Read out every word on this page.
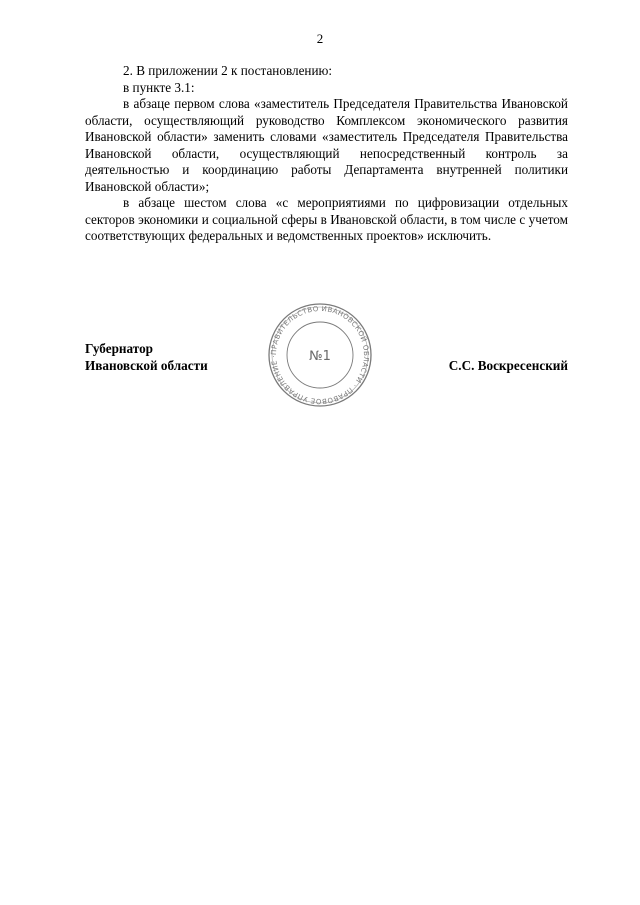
2

2. В приложении 2 к постановлению:

в пункте 3.1:

в абзаце первом слова «заместитель Председателя Правительства Ивановской области, осуществляющий руководство Комплексом экономического развития Ивановской области» заменить словами «заместитель Председателя Правительства Ивановской области, осуществляющий непосредственный контроль за деятельностью и координацию работы Департамента внутренней политики Ивановской области»;

в абзаце шестом слова «с мероприятиями по цифровизации отдельных секторов экономики и социальной сферы в Ивановской области, в том числе с учетом соответствующих федеральных и ведомственных проектов» исключить.

Губернатор
Ивановской области	С.С. Воскресенский
ПРАВИТЕЛЬСТВО ИВАНОВСКОЙ ОБЛАСТИ · ПРАВОВОЕ УПРАВЛЕНИЕ ·	№1
